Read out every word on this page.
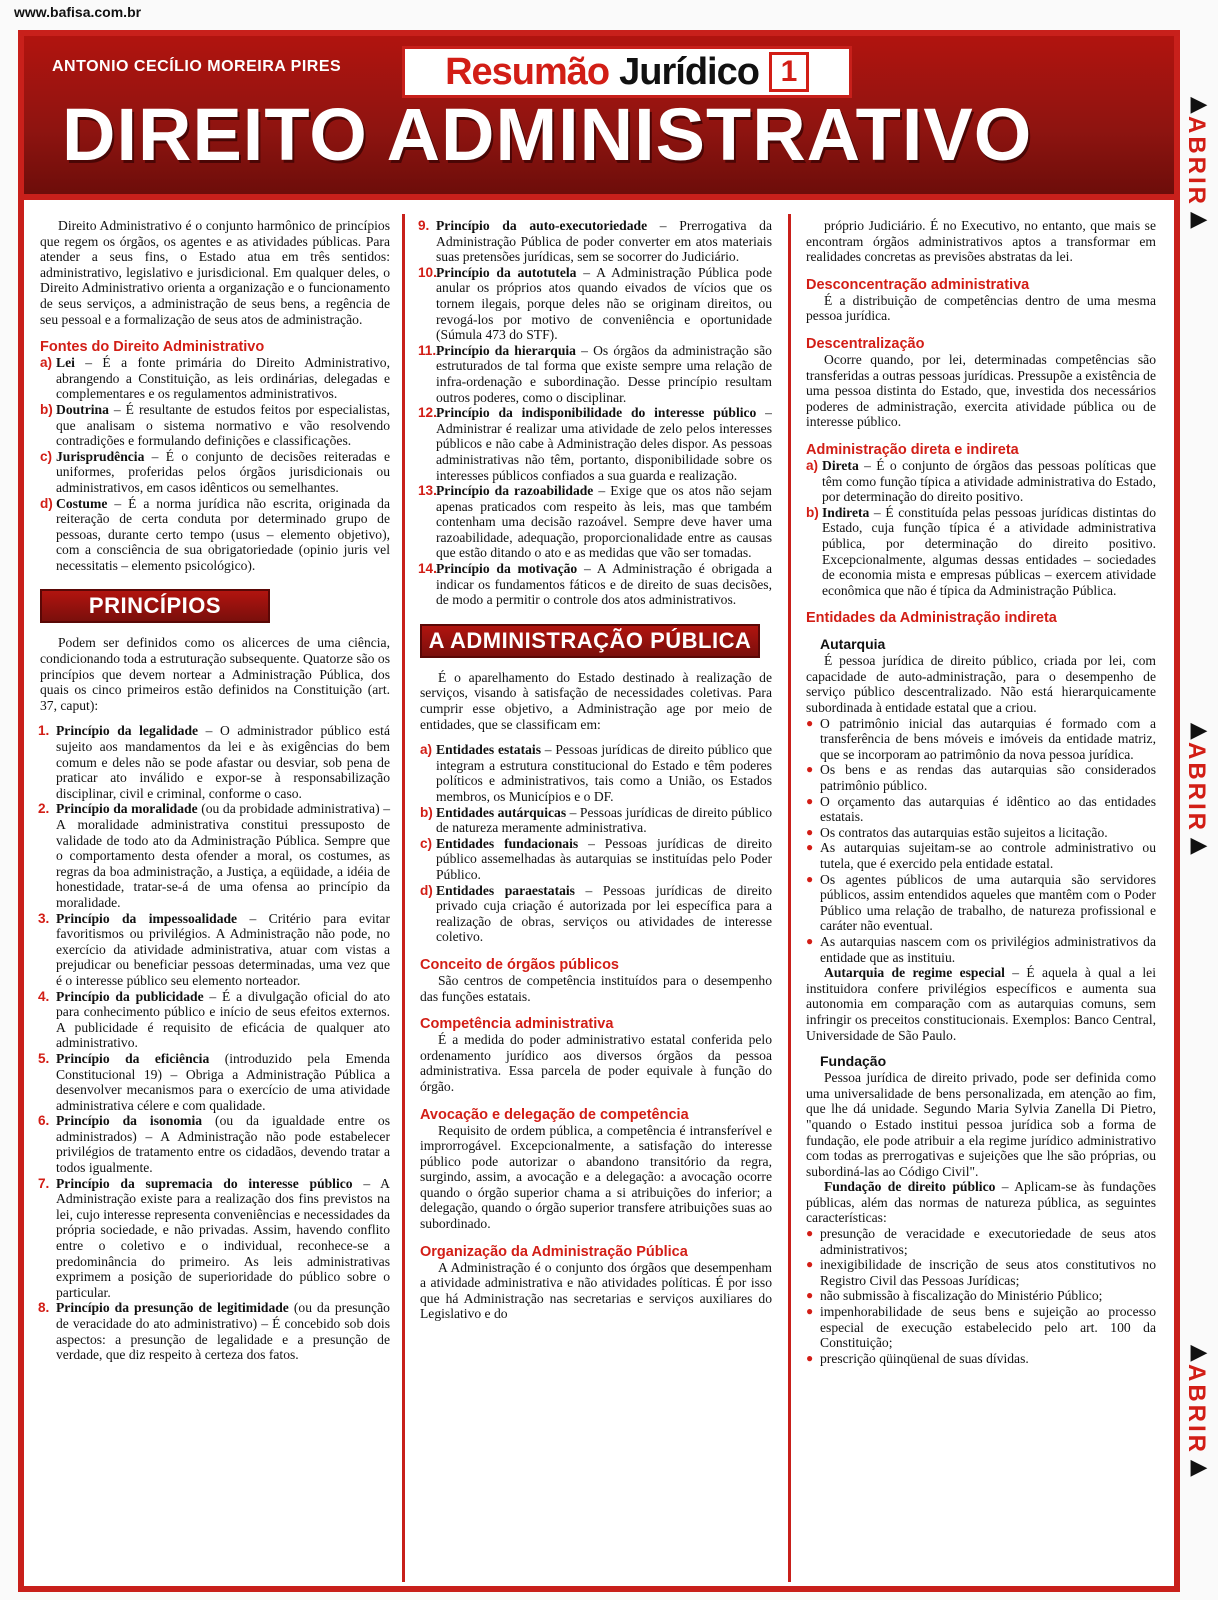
www.bafisa.com.br
Resumão Jurídico 1
ANTONIO CECÍLIO MOREIRA PIRES
DIREITO ADMINISTRATIVO	▶
ABRIR
▶
▶
ABRIR
▶
▶
ABRIR
▶

Direito Administrativo é o conjunto harmônico de princípios que regem os órgãos, os agentes e as atividades públicas. Para atender a seus fins, o Estado atua em três sentidos: administrativo, legislativo e jurisdicional. Em qualquer deles, o Direito Administrativo orienta a organização e o funcionamento de seus serviços, a administração de seus bens, a regência de seu pessoal e a formalização de seus atos de administração.

Fontes do Direito Administrativo
a) Lei – É a fonte primária do Direito Administrativo, abrangendo a Constituição, as leis ordinárias, delegadas e complementares e os regulamentos administrativos.
b) Doutrina – É resultante de estudos feitos por especialistas, que analisam o sistema normativo e vão resolvendo contradições e formulando definições e classificações.
c) Jurisprudência – É o conjunto de decisões reiteradas e uniformes, proferidas pelos órgãos jurisdicionais ou administrativos, em casos idênticos ou semelhantes.
d) Costume – É a norma jurídica não escrita, originada da reiteração de certa conduta por determinado grupo de pessoas, durante certo tempo (usus – elemento objetivo), com a consciência de sua obrigatoriedade (opinio juris vel necessitatis – elemento psicológico).
PRINCÍPIOS

Podem ser definidos como os alicerces de uma ciência, condicionando toda a estruturação subsequente. Quatorze são os princípios que devem nortear a Administração Pública, dos quais os cinco primeiros estão definidos na Constituição (art. 37, caput):

1. Princípio da legalidade – O administrador público está sujeito aos mandamentos da lei e às exigências do bem comum e deles não se pode afastar ou desviar, sob pena de praticar ato inválido e expor-se à responsabilização disciplinar, civil e criminal, conforme o caso.
2. Princípio da moralidade (ou da probidade administrativa) – A moralidade administrativa constitui pressuposto de validade de todo ato da Administração Pública. Sempre que o comportamento desta ofender a moral, os costumes, as regras da boa administração, a Justiça, a eqüidade, a idéia de honestidade, tratar-se-á de uma ofensa ao princípio da moralidade.
3. Princípio da impessoalidade – Critério para evitar favoritismos ou privilégios. A Administração não pode, no exercício da atividade administrativa, atuar com vistas a prejudicar ou beneficiar pessoas determinadas, uma vez que é o interesse público seu elemento norteador.
4. Princípio da publicidade – É a divulgação oficial do ato para conhecimento público e início de seus efeitos externos. A publicidade é requisito de eficácia de qualquer ato administrativo.
5. Princípio da eficiência (introduzido pela Emenda Constitucional 19) – Obriga a Administração Pública a desenvolver mecanismos para o exercício de uma atividade administrativa célere e com qualidade.
6. Princípio da isonomia (ou da igualdade entre os administrados) – A Administração não pode estabelecer privilégios de tratamento entre os cidadãos, devendo tratar a todos igualmente.
7. Princípio da supremacia do interesse público – A Administração existe para a realização dos fins previstos na lei, cujo interesse representa conveniências e necessidades da própria sociedade, e não privadas. Assim, havendo conflito entre o coletivo e o individual, reconhece-se a predominância do primeiro. As leis administrativas exprimem a posição de superioridade do público sobre o particular.
8. Princípio da presunção de legitimidade (ou da presunção de veracidade do ato administrativo) – É concebido sob dois aspectos: a presunção de legalidade e a presunção de verdade, que diz respeito à certeza dos fatos.
9. Princípio da auto-executoriedade – Prerrogativa da Administração Pública de poder converter em atos materiais suas pretensões jurídicas, sem se socorrer do Judiciário.
10. Princípio da autotutela – A Administração Pública pode anular os próprios atos quando eivados de vícios que os tornem ilegais, porque deles não se originam direitos, ou revogá-los por motivo de conveniência e oportunidade (Súmula 473 do STF).
11. Princípio da hierarquia – Os órgãos da administração são estruturados de tal forma que existe sempre uma relação de infra-ordenação e subordinação. Desse princípio resultam outros poderes, como o disciplinar.
12. Princípio da indisponibilidade do interesse público – Administrar é realizar uma atividade de zelo pelos interesses públicos e não cabe à Administração deles dispor. As pessoas administrativas não têm, portanto, disponibilidade sobre os interesses públicos confiados a sua guarda e realização.
13. Princípio da razoabilidade – Exige que os atos não sejam apenas praticados com respeito às leis, mas que também contenham uma decisão razoável. Sempre deve haver uma razoabilidade, adequação, proporcionalidade entre as causas que estão ditando o ato e as medidas que vão ser tomadas.
14. Princípio da motivação – A Administração é obrigada a indicar os fundamentos fáticos e de direito de suas decisões, de modo a permitir o controle dos atos administrativos.
A ADMINISTRAÇÃO PÚBLICA

É o aparelhamento do Estado destinado à realização de serviços, visando à satisfação de necessidades coletivas. Para cumprir esse objetivo, a Administração age por meio de entidades, que se classificam em:

a) Entidades estatais – Pessoas jurídicas de direito público que integram a estrutura constitucional do Estado e têm poderes políticos e administrativos, tais como a União, os Estados membros, os Municípios e o DF.
b) Entidades autárquicas – Pessoas jurídicas de direito público de natureza meramente administrativa.
c) Entidades fundacionais – Pessoas jurídicas de direito público assemelhadas às autarquias se instituídas pelo Poder Público.
d) Entidades paraestatais – Pessoas jurídicas de direito privado cuja criação é autorizada por lei específica para a realização de obras, serviços ou atividades de interesse coletivo.
Conceito de órgãos públicos

São centros de competência instituídos para o desempenho das funções estatais.

Competência administrativa

É a medida do poder administrativo estatal conferida pelo ordenamento jurídico aos diversos órgãos da pessoa administrativa. Essa parcela de poder equivale à função do órgão.

Avocação e delegação de competência

Requisito de ordem pública, a competência é intransferível e improrrogável. Excepcionalmente, a satisfação do interesse público pode autorizar o abandono transitório da regra, surgindo, assim, a avocação e a delegação: a avocação ocorre quando o órgão superior chama a si atribuições do inferior; a delegação, quando o órgão superior transfere atribuições suas ao subordinado.

Organização da Administração Pública

A Administração é o conjunto dos órgãos que desempenham a atividade administrativa e não atividades políticas. É por isso que há Administração nas secretarias e serviços auxiliares do Legislativo e do

próprio Judiciário. É no Executivo, no entanto, que mais se encontram órgãos administrativos aptos a transformar em realidades concretas as previsões abstratas da lei.

Desconcentração administrativa

É a distribuição de competências dentro de uma mesma pessoa jurídica.

Descentralização

Ocorre quando, por lei, determinadas competências são transferidas a outras pessoas jurídicas. Pressupõe a existência de uma pessoa distinta do Estado, que, investida dos necessários poderes de administração, exercita atividade pública ou de interesse público.

Administração direta e indireta
a) Direta – É o conjunto de órgãos das pessoas políticas que têm como função típica a atividade administrativa do Estado, por determinação do direito positivo.
b) Indireta – É constituída pelas pessoas jurídicas distintas do Estado, cuja função típica é a atividade administrativa pública, por determinação do direito positivo. Excepcionalmente, algumas dessas entidades – sociedades de economia mista e empresas públicas – exercem atividade econômica que não é típica da Administração Pública.
Entidades da Administração indireta
Autarquia

É pessoa jurídica de direito público, criada por lei, com capacidade de auto-administração, para o desempenho de serviço público descentralizado. Não está hierarquicamente subordinada à entidade estatal que a criou.

● O patrimônio inicial das autarquias é formado com a transferência de bens móveis e imóveis da entidade matriz, que se incorporam ao patrimônio da nova pessoa jurídica.
● Os bens e as rendas das autarquias são considerados patrimônio público.
● O orçamento das autarquias é idêntico ao das entidades estatais.
● Os contratos das autarquias estão sujeitos a licitação.
● As autarquias sujeitam-se ao controle administrativo ou tutela, que é exercido pela entidade estatal.
● Os agentes públicos de uma autarquia são servidores públicos, assim entendidos aqueles que mantêm com o Poder Público uma relação de trabalho, de natureza profissional e caráter não eventual.
● As autarquias nascem com os privilégios administrativos da entidade que as instituiu.

Autarquia de regime especial – É aquela à qual a lei instituidora confere privilégios específicos e aumenta sua autonomia em comparação com as autarquias comuns, sem infringir os preceitos constitucionais. Exemplos: Banco Central, Universidade de São Paulo.

Fundação

Pessoa jurídica de direito privado, pode ser definida como uma universalidade de bens personalizada, em atenção ao fim, que lhe dá unidade. Segundo Maria Sylvia Zanella Di Pietro, "quando o Estado institui pessoa jurídica sob a forma de fundação, ele pode atribuir a ela regime jurídico administrativo com todas as prerrogativas e sujeições que lhe são próprias, ou subordiná-las ao Código Civil".

Fundação de direito público – Aplicam-se às fundações públicas, além das normas de natureza pública, as seguintes características:

● presunção de veracidade e executoriedade de seus atos administrativos;
● inexigibilidade de inscrição de seus atos constitutivos no Registro Civil das Pessoas Jurídicas;
● não submissão à fiscalização do Ministério Público;
● impenhorabilidade de seus bens e sujeição ao processo especial de execução estabelecido pelo art. 100 da Constituição;
● prescrição qüinqüenal de suas dívidas.
